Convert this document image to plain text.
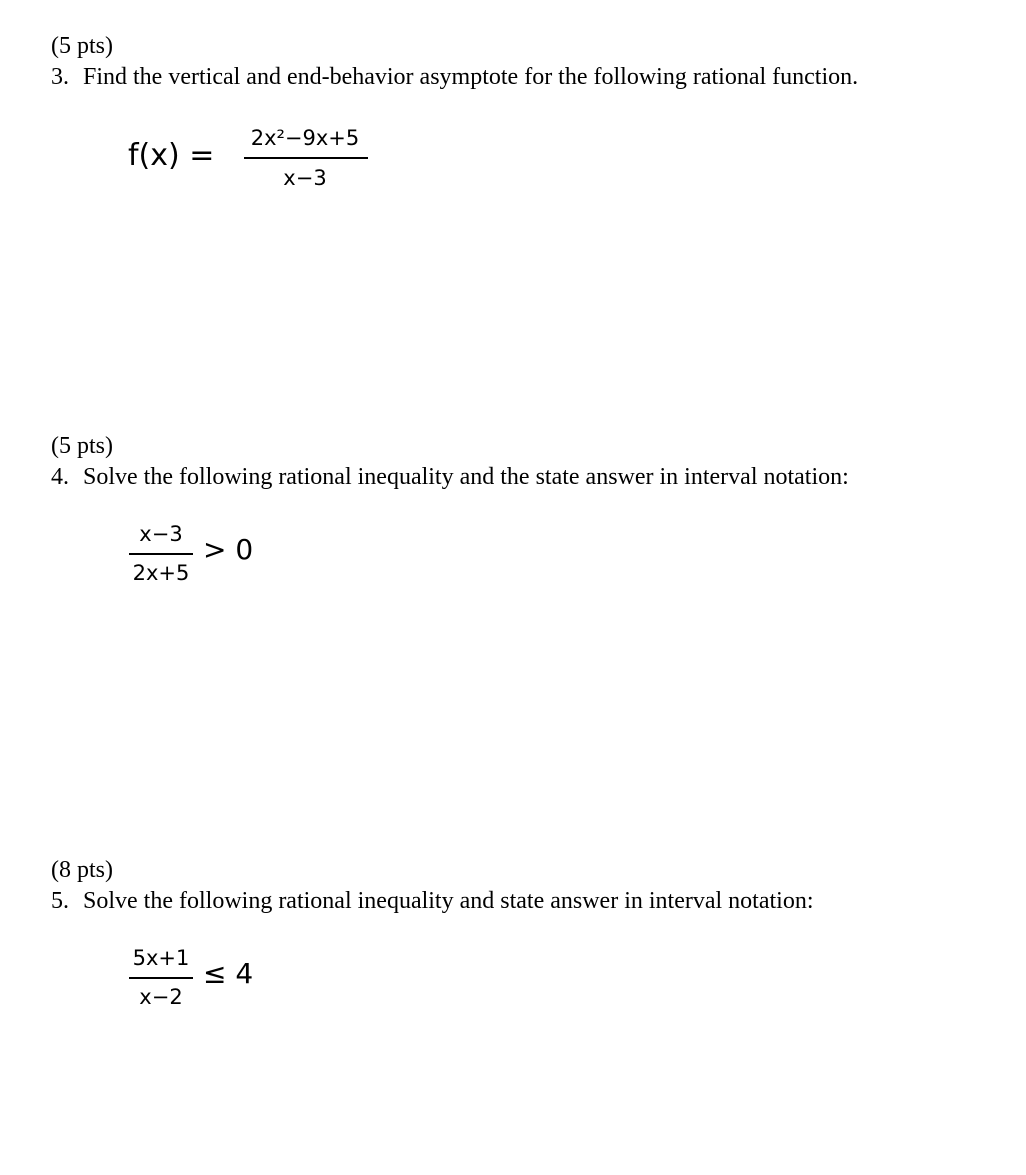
(5 pts)
3. Find the vertical and end-behavior asymptote for the following rational function.
f(x) =	2x²−9x+5
x−3
(5 pts)
4. Solve the following rational inequality and the state answer in interval notation:
x−3
2x+5
> 0
(8 pts)
5. Solve the following rational inequality and state answer in interval notation:
5x+1
x−2
≤ 4
